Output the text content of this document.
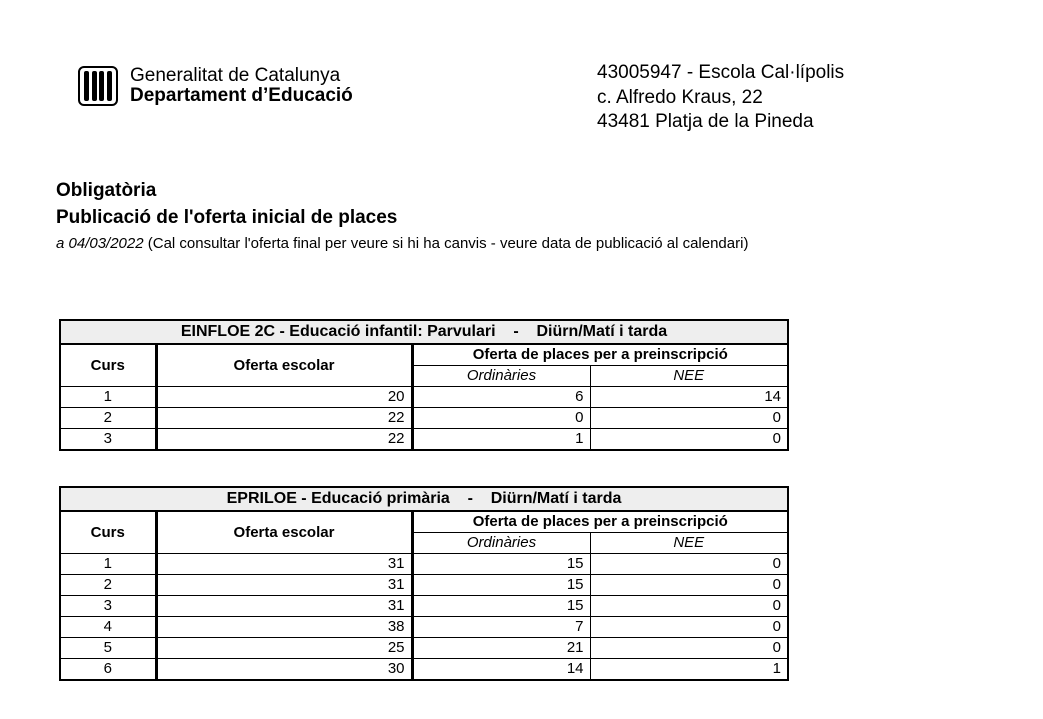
Generalitat de Catalunya
Departament d’Educació
43005947 - Escola Cal·lípolis
c. Alfredo Kraus, 22
43481 Platja de la Pineda
Obligatòria
Publicació de l'oferta inicial de places
a 04/03/2022 (Cal consultar l'oferta final per veure si hi ha canvis - veure data de publicació al calendari)
EINFLOE 2C - Educació infantil: Parvulari    -    Diürn/Matí i tarda			
Curs	Oferta escolar	Oferta de places per a preinscripció	
		Ordinàries	NEE
1	20	6	14
2	22	0	0
3	22	1	0
EPRILOE - Educació primària    -    Diürn/Matí i tarda			
Curs	Oferta escolar	Oferta de places per a preinscripció	
		Ordinàries	NEE
1	31	15	0
2	31	15	0
3	31	15	0
4	38	7	0
5	25	21	0
6	30	14	1
